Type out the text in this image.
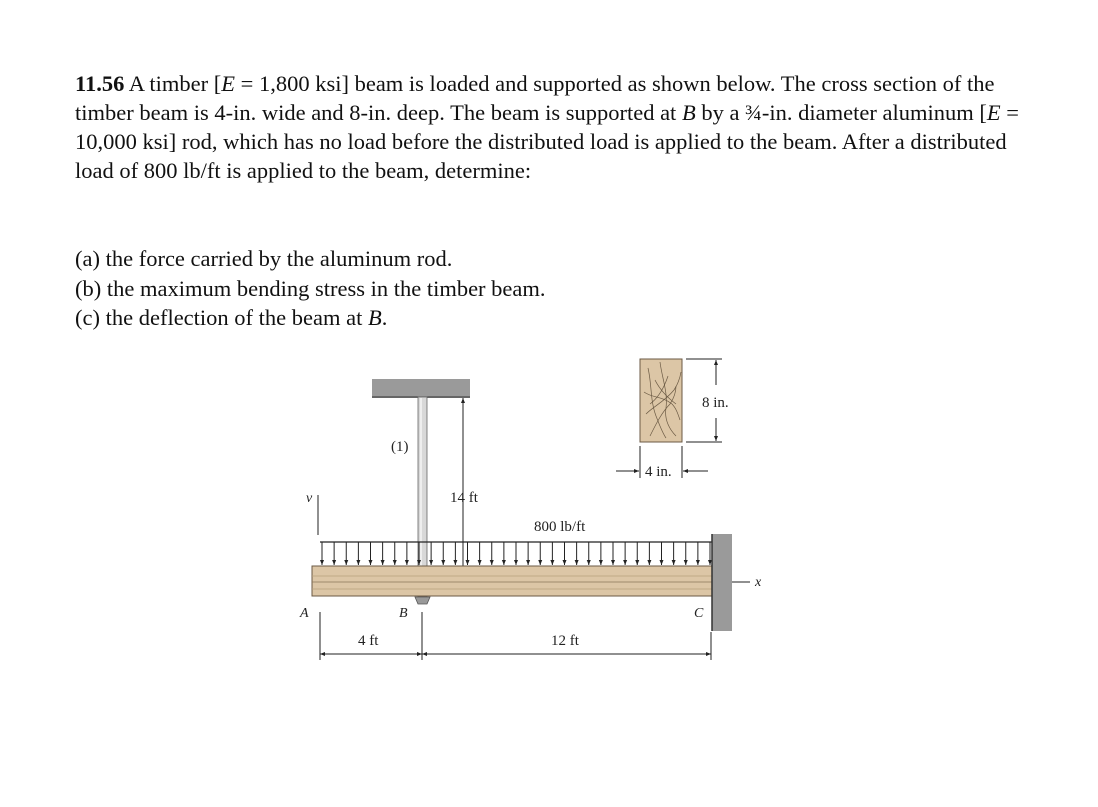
11.56 A timber [E = 1,800 ksi] beam is loaded and supported as shown below. The cross section of the timber beam is 4-in. wide and 8-in. deep. The beam is supported at B by a ¾-in. diameter aluminum [E = 10,000 ksi] rod, which has no load before the distributed load is applied to the beam. After a distributed load of 800 lb/ft is applied to the beam, determine:

(a) the force carried by the aluminum rod.
(b) the maximum bending stress in the timber beam.
(c) the deflection of the beam at B.
(1)
14 ft
v
800 lb/ft
x
A	B	C
4 ft	12 ft
8 in.
4 in.
